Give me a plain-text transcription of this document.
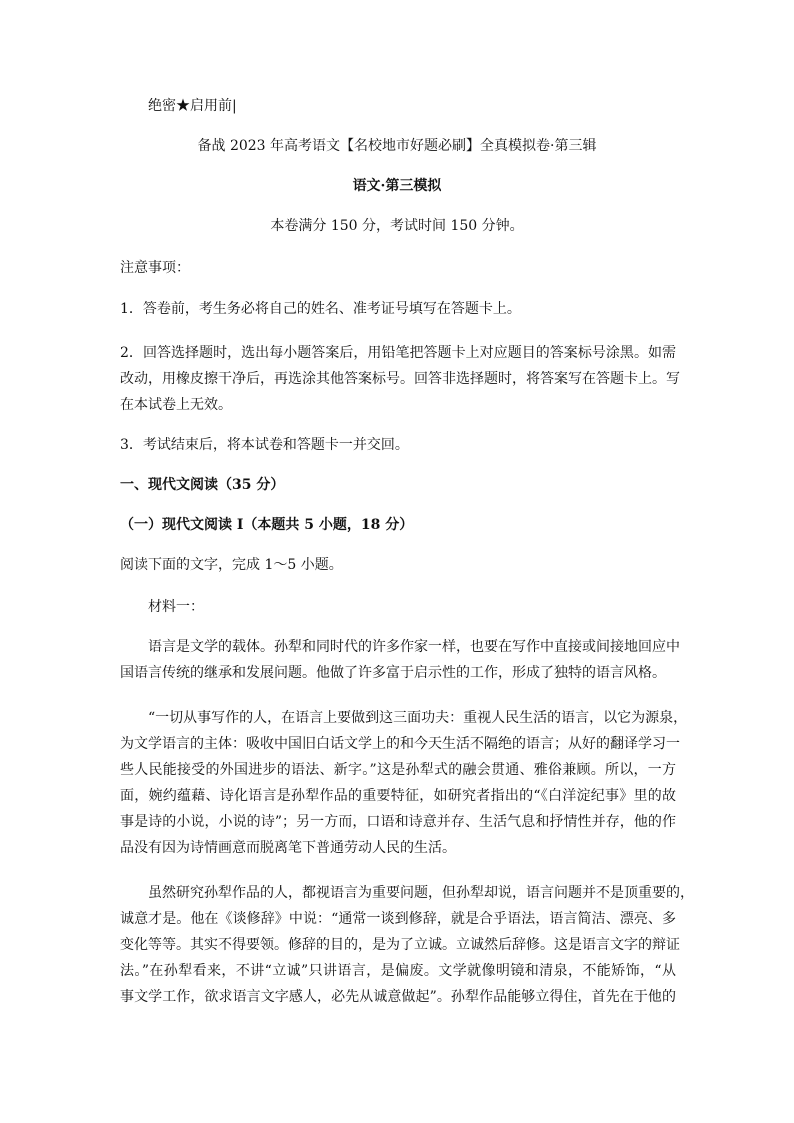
绝密★启用前|
备战 2023 年高考语文【名校地市好题必刷】全真模拟卷·第三辑
语文·第三模拟
本卷满分 150 分，考试时间 150 分钟。
注意事项：
1．答卷前，考生务必将自己的姓名、准考证号填写在答题卡上。
2．回答选择题时，选出每小题答案后，用铅笔把答题卡上对应题目的答案标号涂黑。如需
改动，用橡皮擦干净后，再选涂其他答案标号。回答非选择题时，将答案写在答题卡上。写
在本试卷上无效。
3．考试结束后，将本试卷和答题卡一并交回。
一、现代文阅读（35 分）
（一）现代文阅读 I（本题共 5 小题，18 分）
阅读下面的文字，完成 1～5 小题。
材料一：
语言是文学的载体。孙犁和同时代的许多作家一样，也要在写作中直接或间接地回应中
国语言传统的继承和发展问题。他做了许多富于启示性的工作，形成了独特的语言风格。
“一切从事写作的人，在语言上要做到这三面功夫：重视人民生活的语言，以它为源泉，
为文学语言的主体：吸收中国旧白话文学上的和今天生活不隔绝的语言；从好的翻译学习一
些人民能接受的外国进步的语法、新字。”这是孙犁式的融会贯通、雅俗兼顾。所以，一方
面，婉约蕴藉、诗化语言是孙犁作品的重要特征，如研究者指出的“《白洋淀纪事》里的故
事是诗的小说，小说的诗”；另一方而，口语和诗意并存、生活气息和抒情性并存，他的作
品没有因为诗情画意而脱离笔下普通劳动人民的生活。
虽然研究孙犁作品的人，都视语言为重要问题，但孙犁却说，语言问题并不是顶重要的，
诚意才是。他在《谈修辞》中说：“通常一谈到修辞，就是合乎语法，语言简洁、漂亮、多
变化等等。其实不得要领。修辞的目的，是为了立诚。立诚然后辞修。这是语言文字的辩证
法。”在孙犁看来，不讲“立诚”只讲语言，是偏废。文学就像明镜和清泉，不能矫饰，“从
事文学工作，欲求语言文字感人，必先从诚意做起”。孙犁作品能够立得住，首先在于他的
